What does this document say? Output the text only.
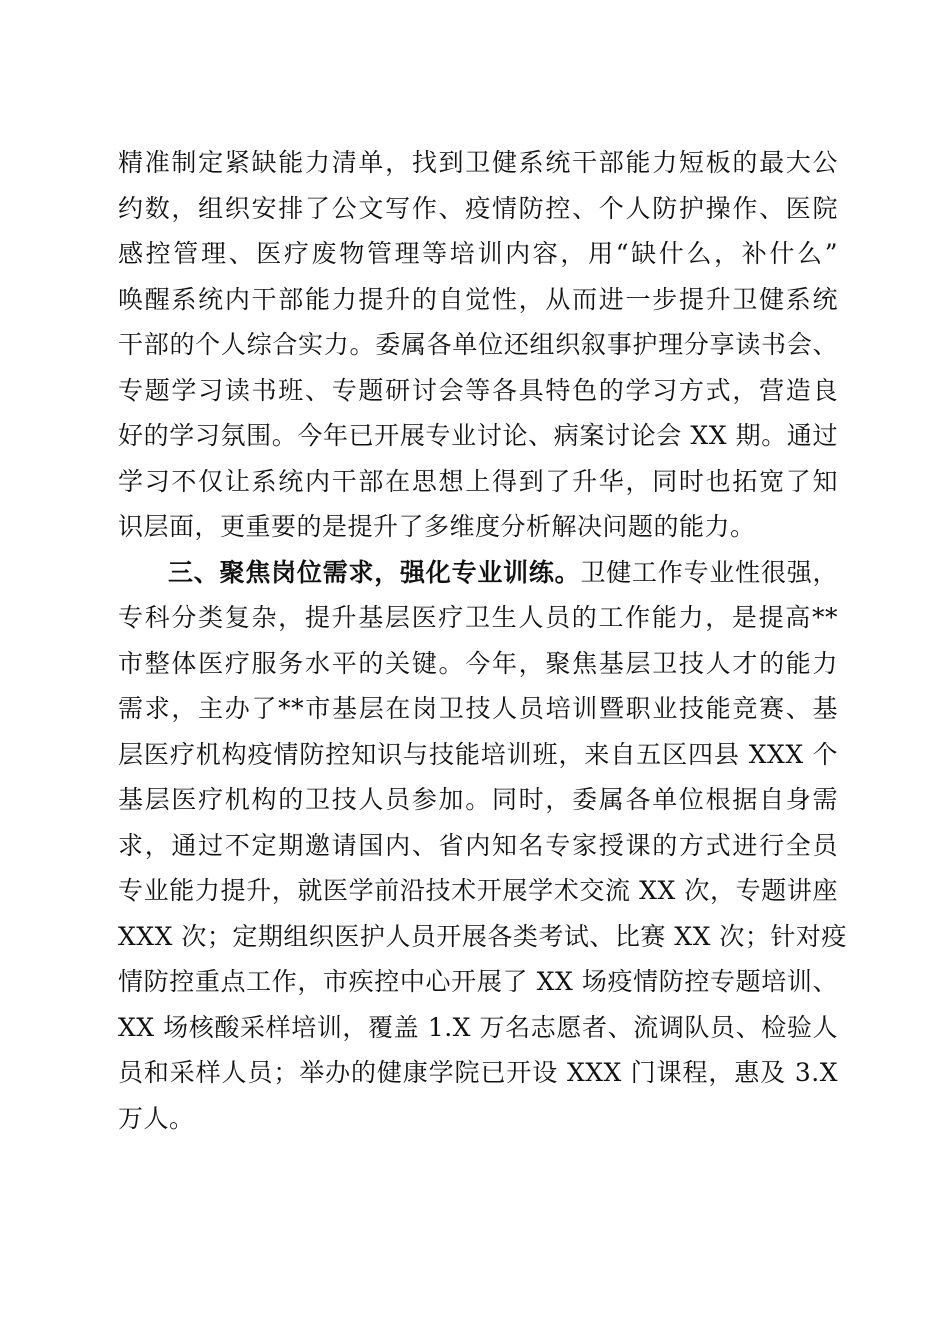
精准制定紧缺能力清单，找到卫健系统干部能力短板的最大公
约数，组织安排了公文写作、疫情防控、个人防护操作、医院
感控管理、医疗废物管理等培训内容，用“缺什么，补什么”
唤醒系统内干部能力提升的自觉性，从而进一步提升卫健系统
干部的个人综合实力。委属各单位还组织叙事护理分享读书会、
专题学习读书班、专题研讨会等各具特色的学习方式，营造良
好的学习氛围。今年已开展专业讨论、病案讨论会 XX 期。通过
学习不仅让系统内干部在思想上得到了升华，同时也拓宽了知
识层面，更重要的是提升了多维度分析解决问题的能力。
三、聚焦岗位需求，强化专业训练。卫健工作专业性很强，
专科分类复杂，提升基层医疗卫生人员的工作能力，是提高**
市整体医疗服务水平的关键。今年，聚焦基层卫技人才的能力
需求，主办了**市基层在岗卫技人员培训暨职业技能竞赛、基
层医疗机构疫情防控知识与技能培训班，来自五区四县 XXX 个
基层医疗机构的卫技人员参加。同时，委属各单位根据自身需
求，通过不定期邀请国内、省内知名专家授课的方式进行全员
专业能力提升，就医学前沿技术开展学术交流 XX 次，专题讲座
XXX 次；定期组织医护人员开展各类考试、比赛 XX 次；针对疫
情防控重点工作，市疾控中心开展了 XX 场疫情防控专题培训、
XX 场核酸采样培训，覆盖 1.X 万名志愿者、流调队员、检验人
员和采样人员；举办的健康学院已开设 XXX 门课程，惠及 3.X
万人。
